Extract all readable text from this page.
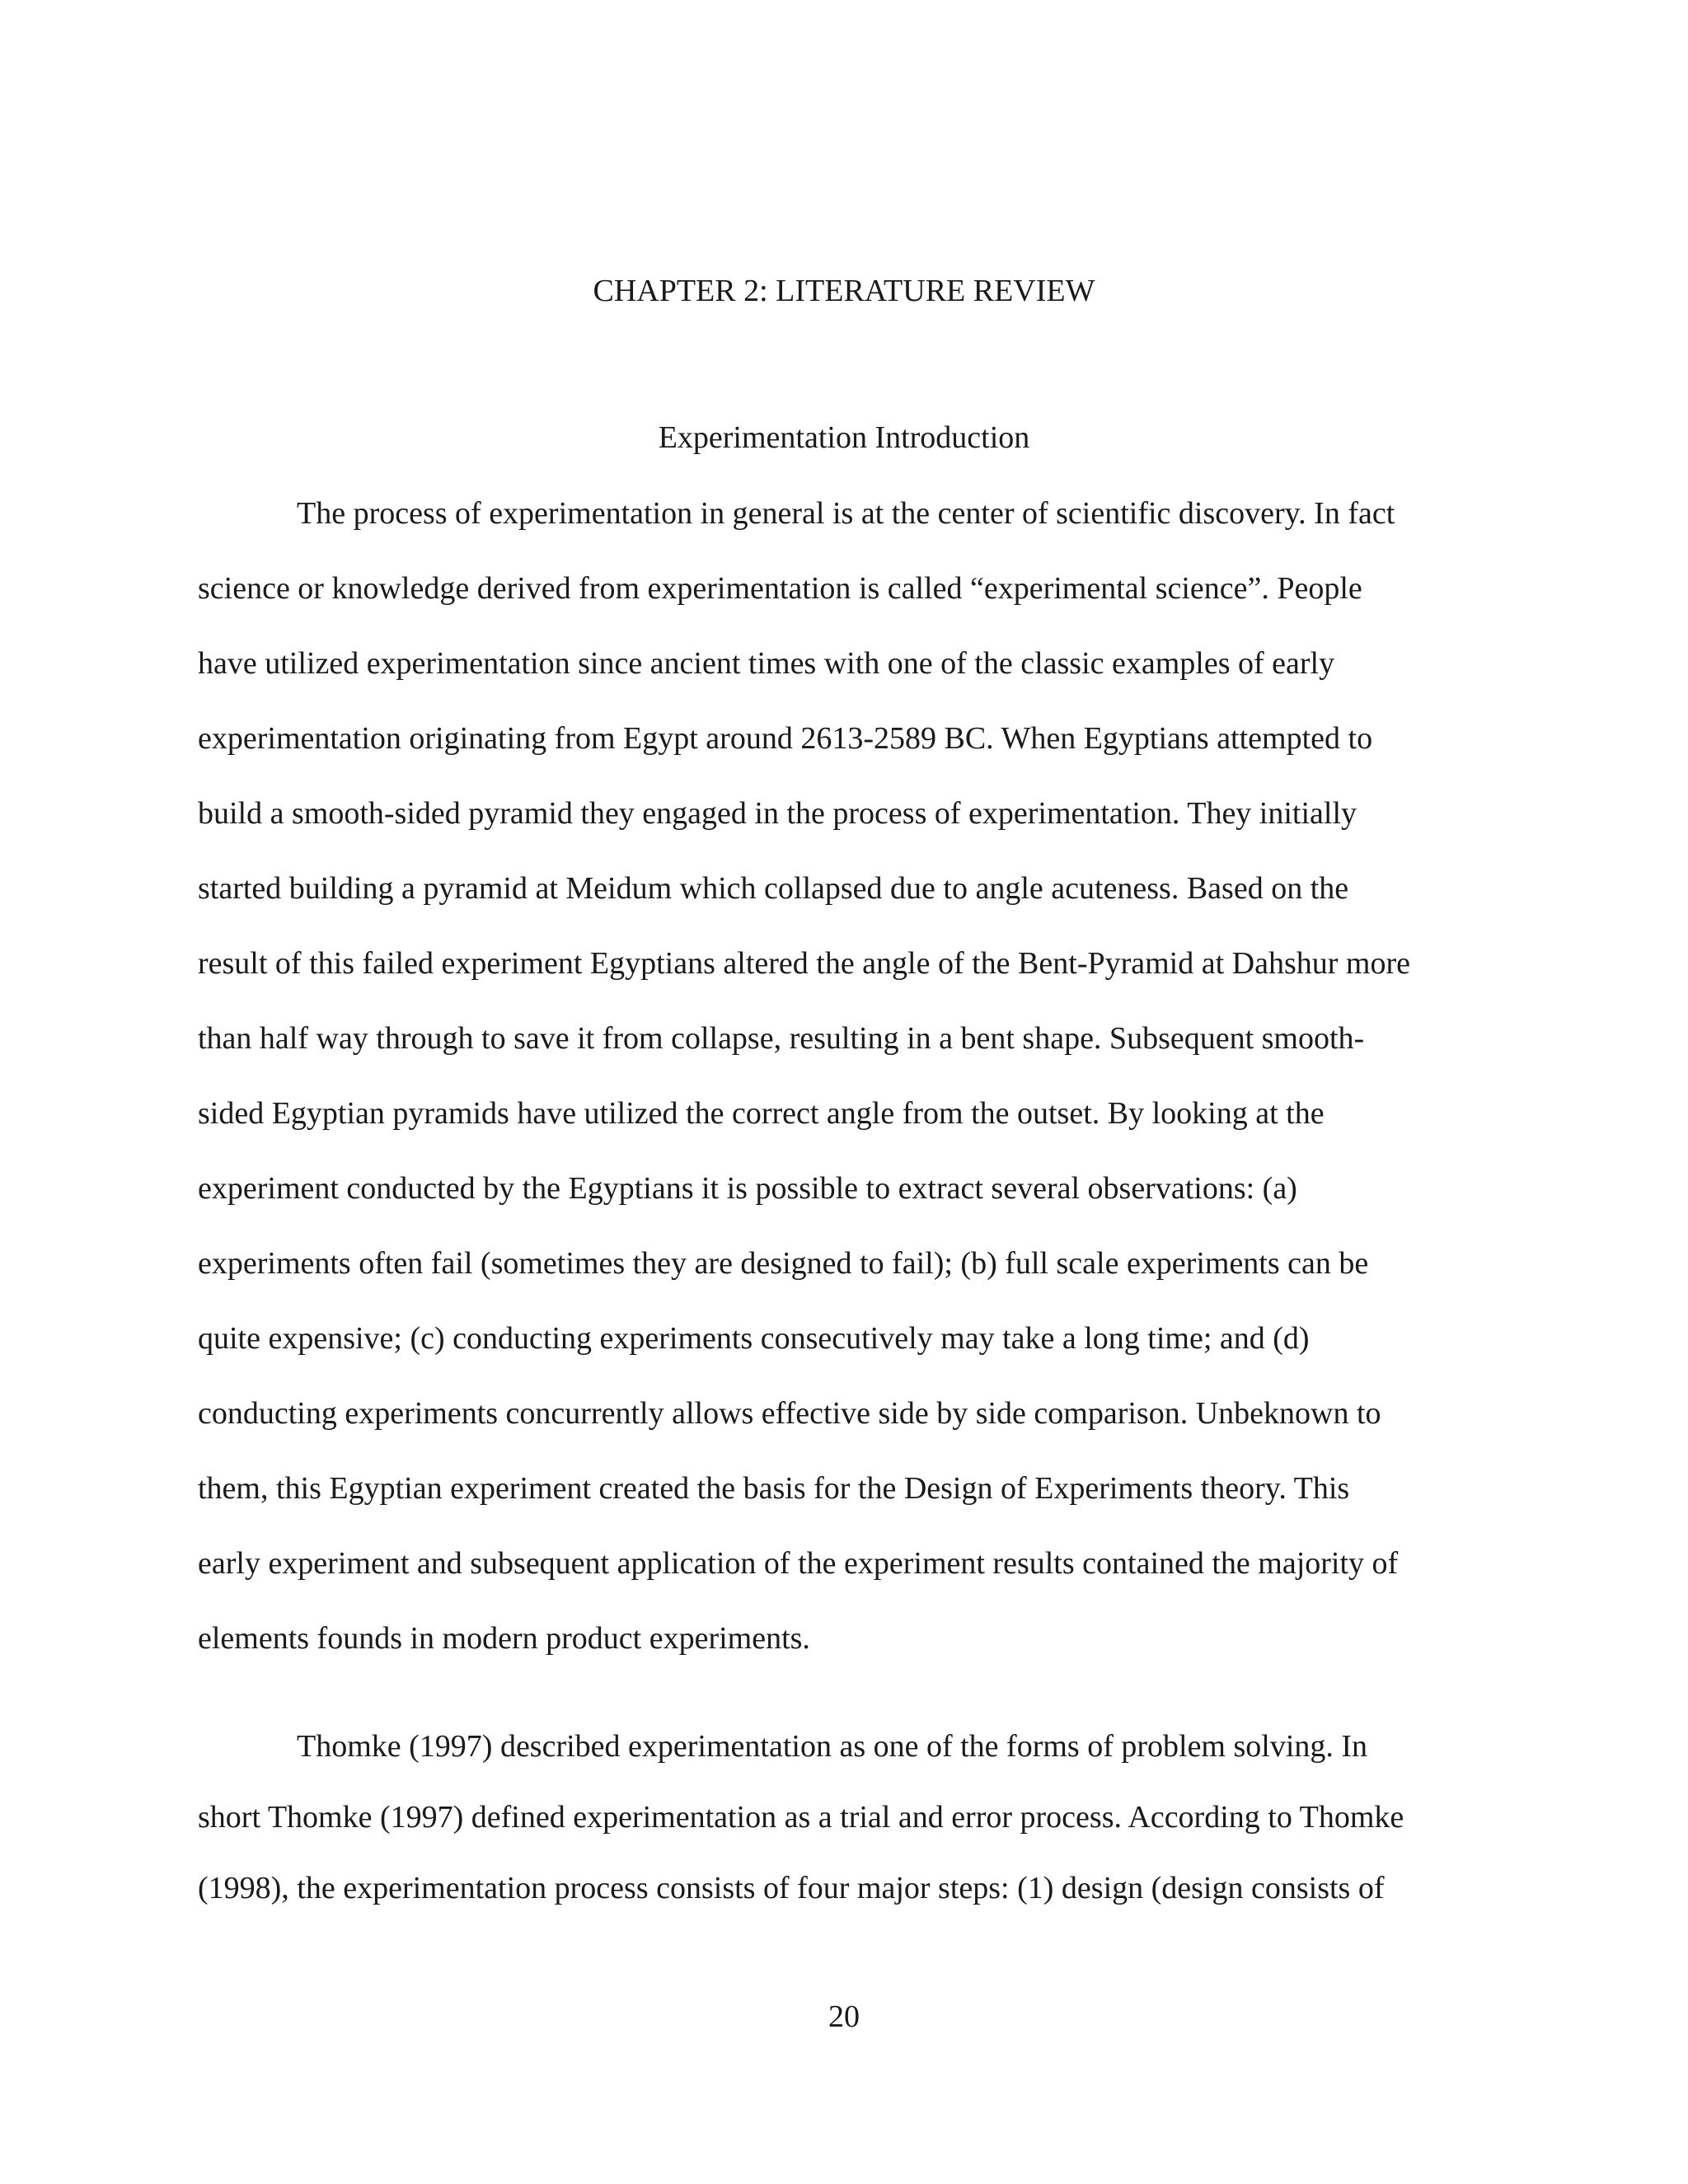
CHAPTER 2: LITERATURE REVIEW
Experimentation Introduction
The process of experimentation in general is at the center of scientific discovery. In fact
science or knowledge derived from experimentation is called “experimental science”. People
have utilized experimentation since ancient times with one of the classic examples of early
experimentation originating from Egypt around 2613-2589 BC. When Egyptians attempted to
build a smooth-sided pyramid they engaged in the process of experimentation. They initially
started building a pyramid at Meidum which collapsed due to angle acuteness. Based on the
result of this failed experiment Egyptians altered the angle of the Bent-Pyramid at Dahshur more
than half way through to save it from collapse, resulting in a bent shape. Subsequent smooth-
sided Egyptian pyramids have utilized the correct angle from the outset. By looking at the
experiment conducted by the Egyptians it is possible to extract several observations: (a)
experiments often fail (sometimes they are designed to fail); (b) full scale experiments can be
quite expensive; (c) conducting experiments consecutively may take a long time; and (d)
conducting experiments concurrently allows effective side by side comparison. Unbeknown to
them, this Egyptian experiment created the basis for the Design of Experiments theory. This
early experiment and subsequent application of the experiment results contained the majority of
elements founds in modern product experiments.
Thomke (1997) described experimentation as one of the forms of problem solving. In
short Thomke (1997) defined experimentation as a trial and error process. According to Thomke
(1998), the experimentation process consists of four major steps: (1) design (design consists of
20
